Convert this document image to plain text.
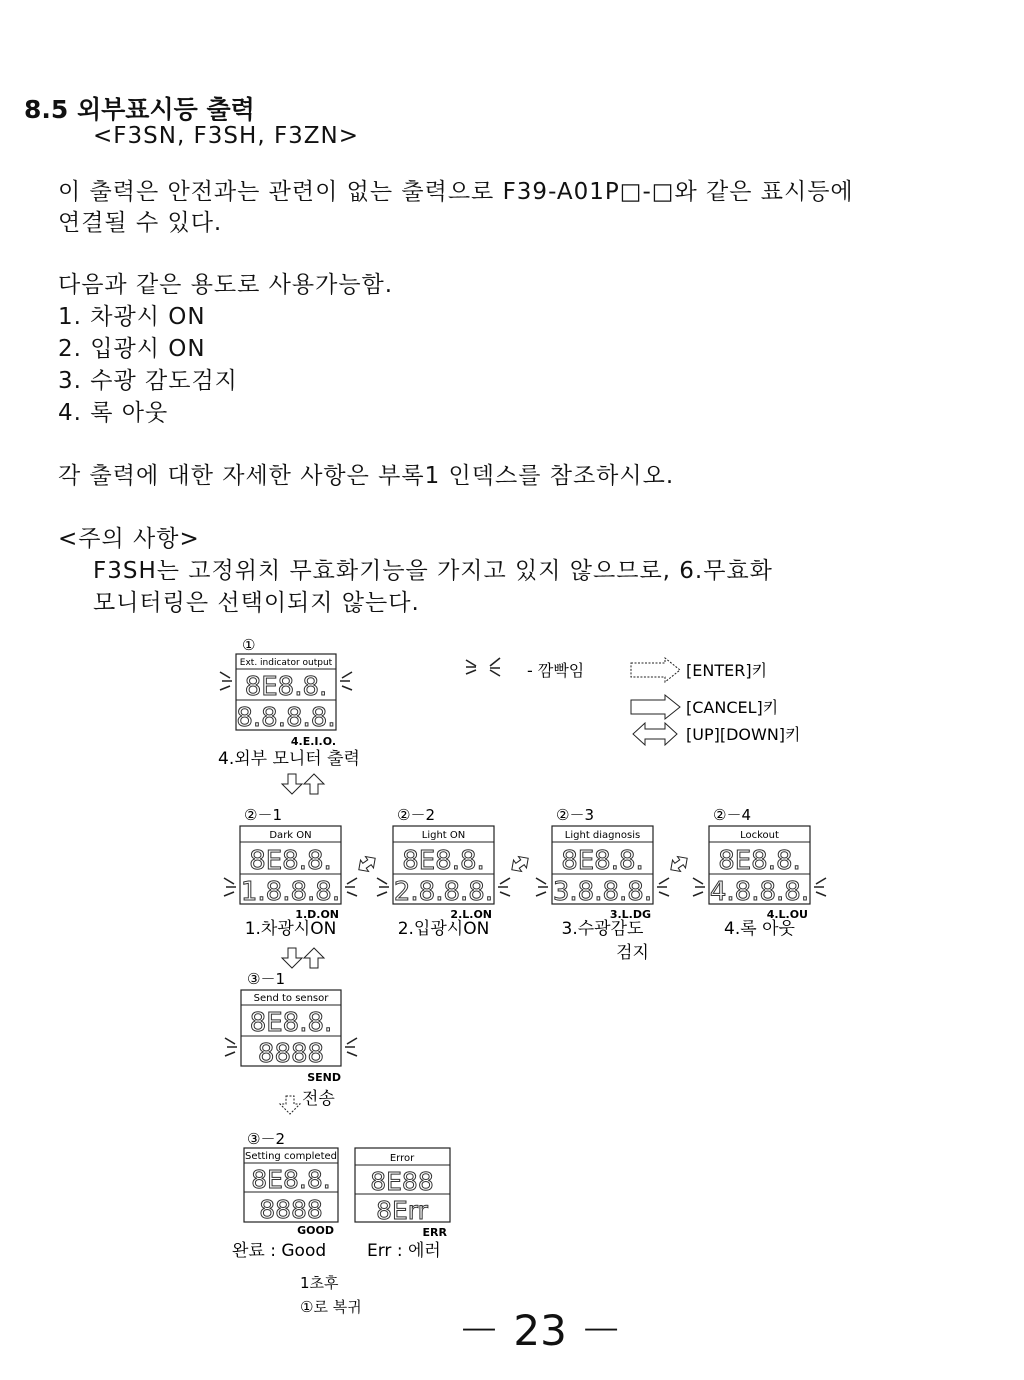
8.5 외부표시등 출력
<F3SN, F3SH, F3ZN>
이 출력은 안전과는 관련이 없는 출력으로 F39-A01P□-□와 같은 표시등에
연결될 수 있다.
다음과 같은 용도로 사용가능함.
1. 차광시 ON
2. 입광시 ON
3. 수광 감도검지
4. 록 아웃
각 출력에 대한 자세한 사항은 부록1 인덱스를 참조하시오.
<주의 사항>
F3SH는 고정위치 무효화기능을 가지고 있지 않으므로, 6.무효화
모니터링은 선택이되지 않는다.
- 깜빡임	[ENTER]키
[CANCEL]키
[UP][DOWN]키
①
Ext. indicator output
8E8.8.
8.8.8.8.
4.E.I.O.
4.외부 모니터 출력
②－1
Dark ON
8E8.8.
1.8.8.8.
1.D.ON
1.차광시ON
②－2
Light ON
8E8.8.
2.8.8.8.
2.L.ON
2.입광시ON
②－3
Light diagnosis
8E8.8.
3.8.8.8.
3.L.DG
3.수광감도
검지
②－4
Lockout
8E8.8.
4.8.8.8.
4.L.OU
4.록 아웃
③－1
Send to sensor
8E8.8.
8888
SEND
전송
③－2
Setting completed
8E8.8.
8888
GOOD
완료 : Good
Error
8E88
8Err
ERR
Err : 에러
1초후
①로 복귀 － 23 －
